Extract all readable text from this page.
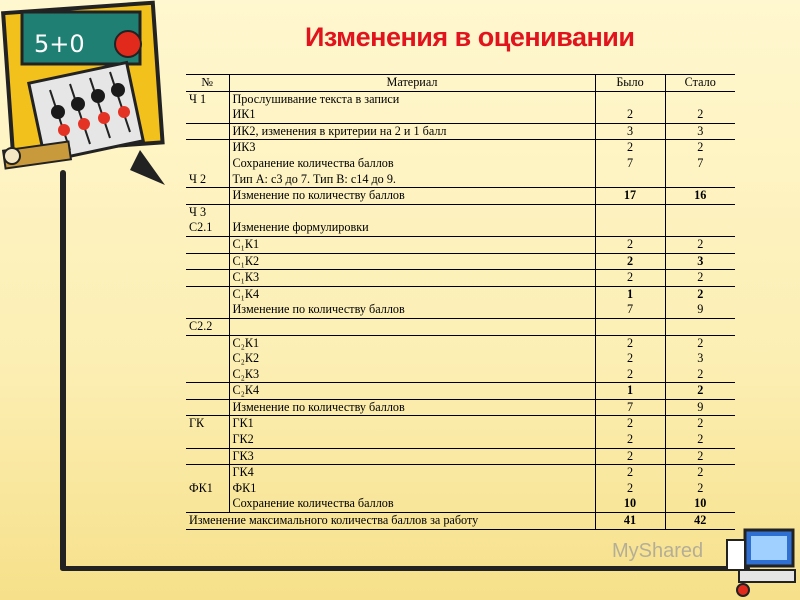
5+0	Изменения в оценивании
№	Материал	Было	Стало
Ч 1	Прослушивание текста в записи		
	ИК1	2	2
	ИК2, изменения в критерии на 2 и 1 балл	3	3
	ИК3	2	2
	Сохранение количества баллов	7	7
Ч 2	Тип А: с3 до 7. Тип В: с14 до 9.		
	Изменение по количеству баллов	17	16
Ч 3			
С2.1	Изменение формулировки		
	С₁К1	2	2
	С₁К2	2	3
	С₁К3	2	2
	С₁К4	1	2
	Изменение по количеству баллов	7	9
С2.2			
	С₂К1	2	2
	С₂К2	2	3
	С₂К3	2	2
	С₂К4	1	2
	Изменение по количеству баллов	7	9
ГК	ГК1	2	2
	ГК2	2	2
	ГК3	2	2
	ГК4	2	2
ФК1	ФК1	2	2
	Сохранение количества баллов	10	10
Изменение максимального количества баллов за работу		41	42
MyShared
